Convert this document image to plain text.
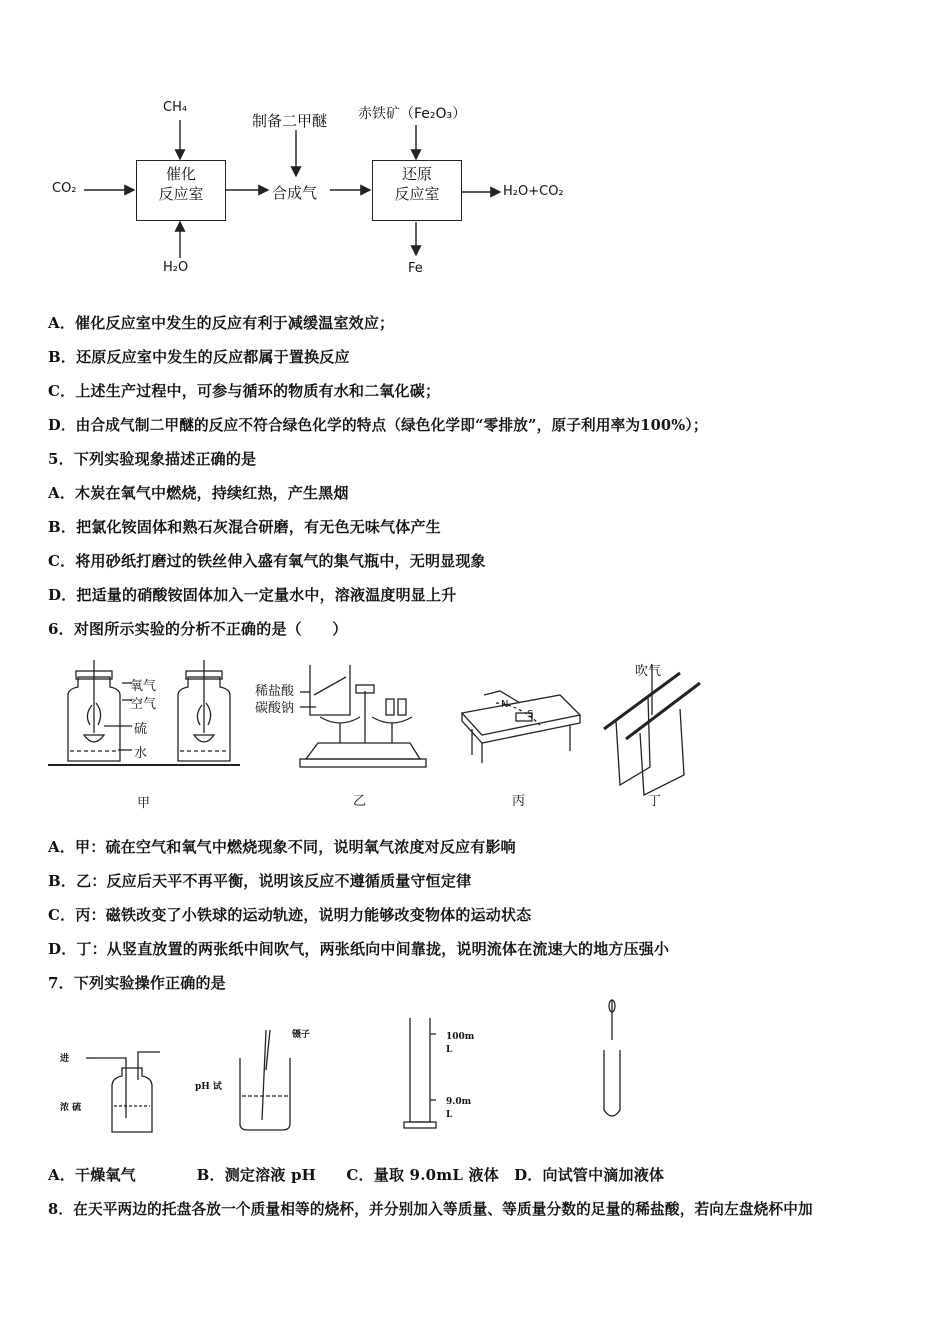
CH₄
CO₂
H₂O
催化
反应室
制备二甲醚
合成气
赤铁矿（Fe₂O₃）
还原
反应室	H₂O+CO₂
Fe
A．催化反应室中发生的反应有利于减缓温室效应；
B．还原反应室中发生的反应都属于置换反应
C．上述生产过程中，可参与循环的物质有水和二氧化碳；
D．由合成气制二甲醚的反应不符合绿色化学的特点（绿色化学即“零排放”，原子利用率为100%）；
5．下列实验现象描述正确的是
A．木炭在氧气中燃烧，持续红热，产生黑烟
B．把氯化铵固体和熟石灰混合研磨，有无色无味气体产生
C．将用砂纸打磨过的铁丝伸入盛有氧气的集气瓶中，无明显现象
D．把适量的硝酸铵固体加入一定量水中，溶液温度明显上升
6．对图所示实验的分析不正确的是（　　）
氧气
空气
硫
水
稀盐酸
碳酸钠	N
S
吹气
甲	乙	丙	丁
A．甲：硫在空气和氧气中燃烧现象不同，说明氧气浓度对反应有影响
B．乙：反应后天平不再平衡，说明该反应不遵循质量守恒定律
C．丙：磁铁改变了小铁球的运动轨迹，说明力能够改变物体的运动状态
D．丁：从竖直放置的两张纸中间吹气，两张纸向中间靠拢，说明流体在流速大的地方压强小
7．下列实验操作正确的是
进
浓 硫
pH 试
镊子	100m
L
9.0m
L
A．干燥氧气　　　　B．测定溶液 pH　　C．量取 9.0mL 液体　D．向试管中滴加液体
8．在天平两边的托盘各放一个质量相等的烧杯，并分别加入等质量、等质量分数的足量的稀盐酸，若向左盘烧杯中加
